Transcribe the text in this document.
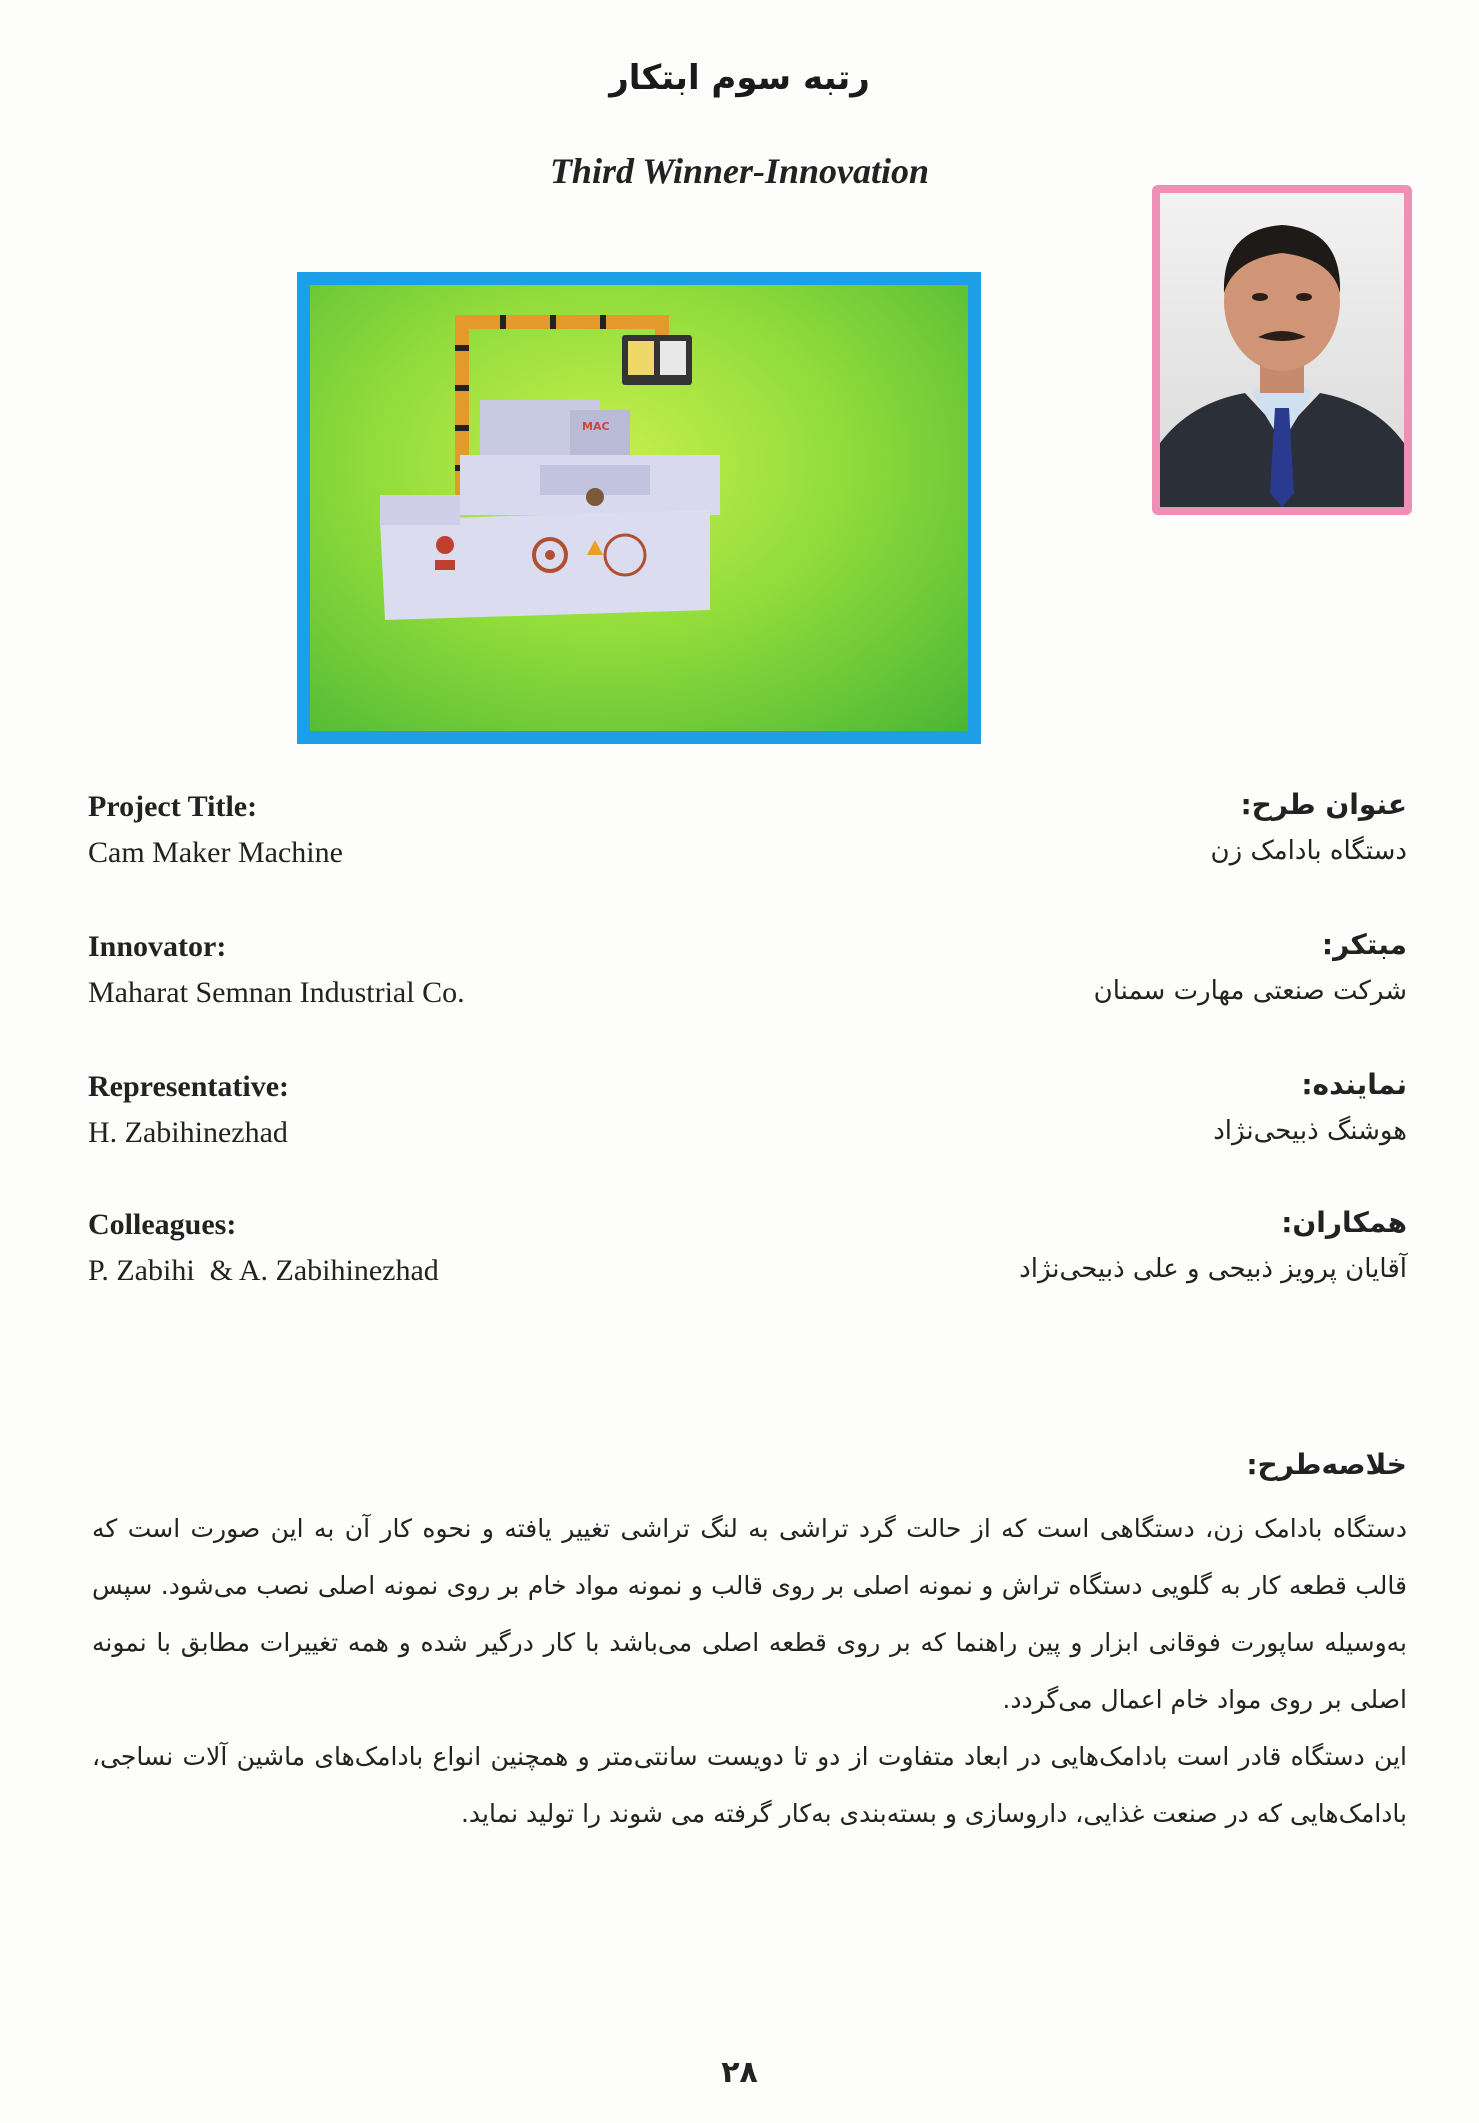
رتبه سوم ابتکار
Third Winner-Innovation
MAC
Project Title:
Cam Maker Machine
عنوان طرح:
دستگاه بادامک زن
Innovator:
Maharat Semnan Industrial Co.
مبتکر:
شرکت صنعتی مهارت سمنان
Representative:
H. Zabihinezhad
نماینده:
هوشنگ ذبیحی‌نژاد
Colleagues:
P. Zabihi  & A. Zabihinezhad
همکاران:
آقایان پرویز ذبیحی و علی ذبیحی‌نژاد
خلاصه‌طرح:

دستگاه بادامک زن، دستگاهی است که از حالت گرد تراشی به لنگ تراشی تغییر یافته و نحوه کار آن به این صورت است که قالب قطعه کار به گلویی دستگاه تراش و نمونه اصلی بر روی قالب و نمونه مواد خام بر روی نمونه اصلی نصب می‌شود. سپس به‌وسیله ساپورت فوقانی ابزار و پین راهنما که بر روی قطعه اصلی می‌باشد با کار درگیر شده و همه تغییرات مطابق با نمونه اصلی بر روی مواد خام اعمال می‌گردد.

این دستگاه قادر است بادامک‌هایی در ابعاد متفاوت از دو تا دویست سانتی‌متر و همچنین انواع بادامک‌های ماشین آلات نساجی، بادامک‌هایی که در صنعت غذایی، داروسازی و بسته‌بندی به‌کار گرفته می شوند را تولید نماید.

۲۸
